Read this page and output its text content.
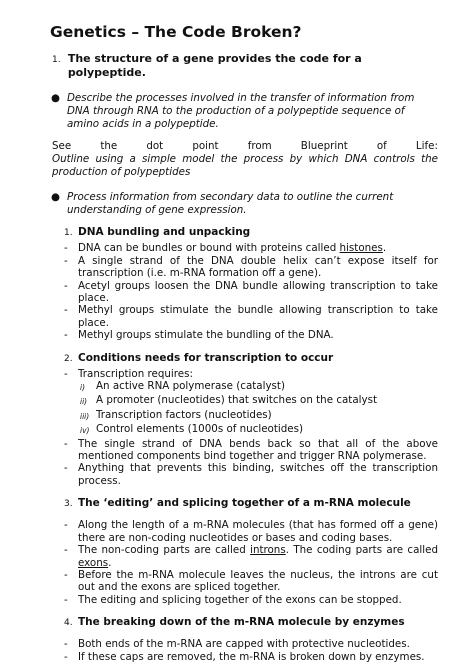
Genetics – The Code Broken?
1. The structure of a gene provides the code for a polypeptide.
● Describe the processes involved in the transfer of information from DNA through RNA to the production of a polypeptide sequence of amino acids in a polypeptide.
See	the	dot	point	from	Blueprint	of	Life:
Outline using a simple model the process by which DNA controls the production of polypeptides
● Process information from secondary data to outline the current understanding of gene expression.
1. DNA bundling and unpacking
- DNA can be bundles or bound with proteins called histones.
- A single strand of the DNA double helix can’t expose itself for transcription (i.e. m-RNA formation off a gene).
- Acetyl groups loosen the DNA bundle allowing transcription to take place.
- Methyl groups stimulate the bundle allowing transcription to take place.
- Methyl groups stimulate the bundling of the DNA.
2. Conditions needs for transcription to occur
- Transcription requires:
i)	An active RNA polymerase (catalyst)
ii) A promoter (nucleotides) that switches on the catalyst
iii) Transcription factors (nucleotides)
iv) Control elements (1000s of nucleotides)
- The single strand of DNA bends back so that all of the above mentioned components bind together and trigger RNA polymerase.
- Anything that prevents this binding, switches off the transcription process.
3. The ‘editing’ and splicing together of a m-RNA molecule
- Along the length of a m-RNA molecules (that has formed off a gene) there are non-coding nucleotides or bases and coding bases.
- The non-coding parts are called introns. The coding parts are called exons.
- Before the m-RNA molecule leaves the nucleus, the introns are cut out and the exons are spliced together.
- The editing and splicing together of the exons can be stopped.
4. The breaking down of the m-RNA molecule by enzymes
- Both ends of the m-RNA are capped with protective nucleotides.
- If these caps are removed, the m-RNA is broken down by enzymes.
